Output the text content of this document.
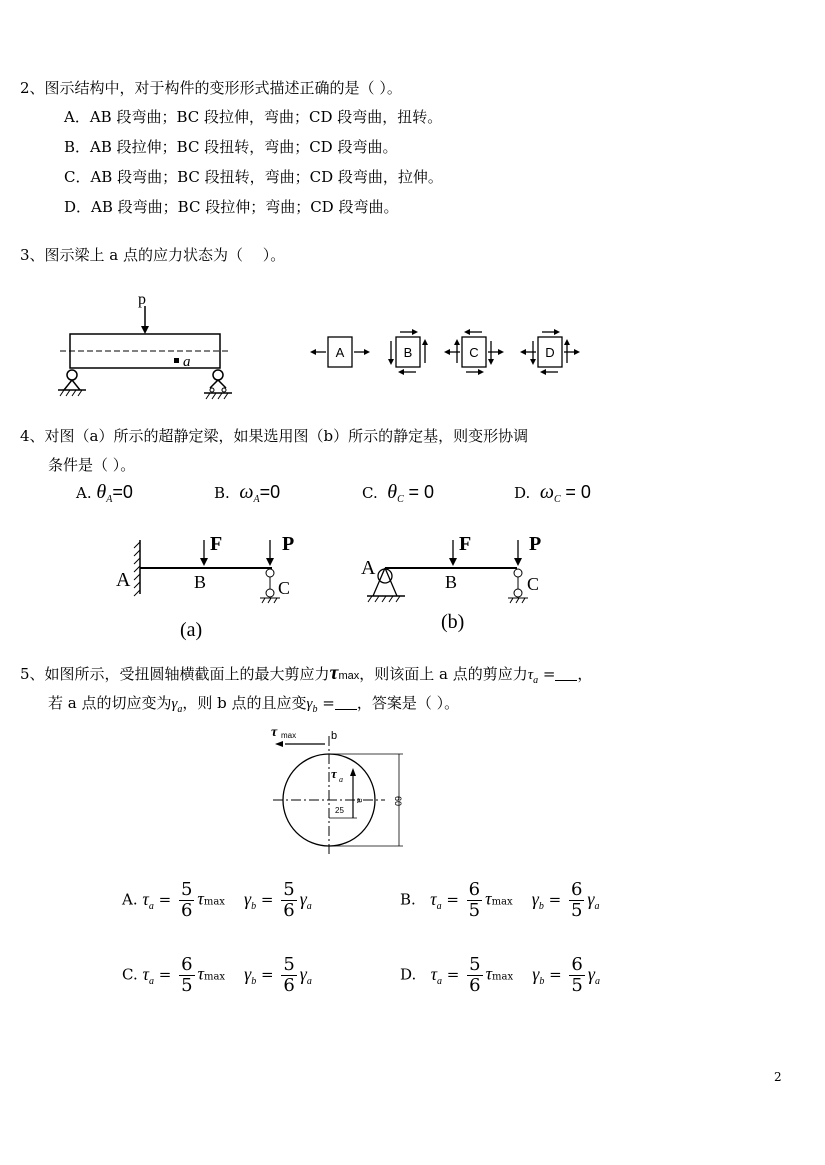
2、图示结构中，对于构件的变形形式描述正确的是（ ）。
A．AB 段弯曲；BC 段拉伸，弯曲；CD 段弯曲，扭转。
B．AB 段拉伸；BC 段扭转，弯曲；CD 段弯曲。
C．AB 段弯曲；BC 段扭转，弯曲；CD 段弯曲，拉伸。
D．AB 段弯曲；BC 段拉伸；弯曲；CD 段弯曲。
3、图示梁上 a 点的应力状态为（　 ）。
p
a
A	B	C	D
4、对图（a）所示的超静定梁，如果选用图（b）所示的静定基，则变形协调
条件是（ ）。
A. $\theta_A=0$	B. $\omega_A=0$	C. $\theta_C = 0$	D. $\omega_C = 0$
A	B
F	P
C
(a)
A
B
F	P
C
(b)
5、如图所示，受扭圆轴横截面上的最大剪应力τmax，则该面上 a 点的剪应力$\tau_a$ = ，
若 a 点的切应变为$\gamma_a$，则 b 点的且应变$\gamma_b$ = ，答案是（ ）。
τ max	b
60
τ a
a
25
A. $\tau_a = \frac{5}{6}$ τmax $\gamma_b = \frac{5}{6} \gamma_a$	B. $\tau_a = \frac{6}{5}$ τmax $\gamma_b = \frac{6}{5} \gamma_a$
C. $\tau_a = \frac{6}{5}$ τmax $\gamma_b = \frac{5}{6} \gamma_a$	D. $\tau_a = \frac{5}{6}$ τmax $\gamma_b = \frac{6}{5} \gamma_a$
2
